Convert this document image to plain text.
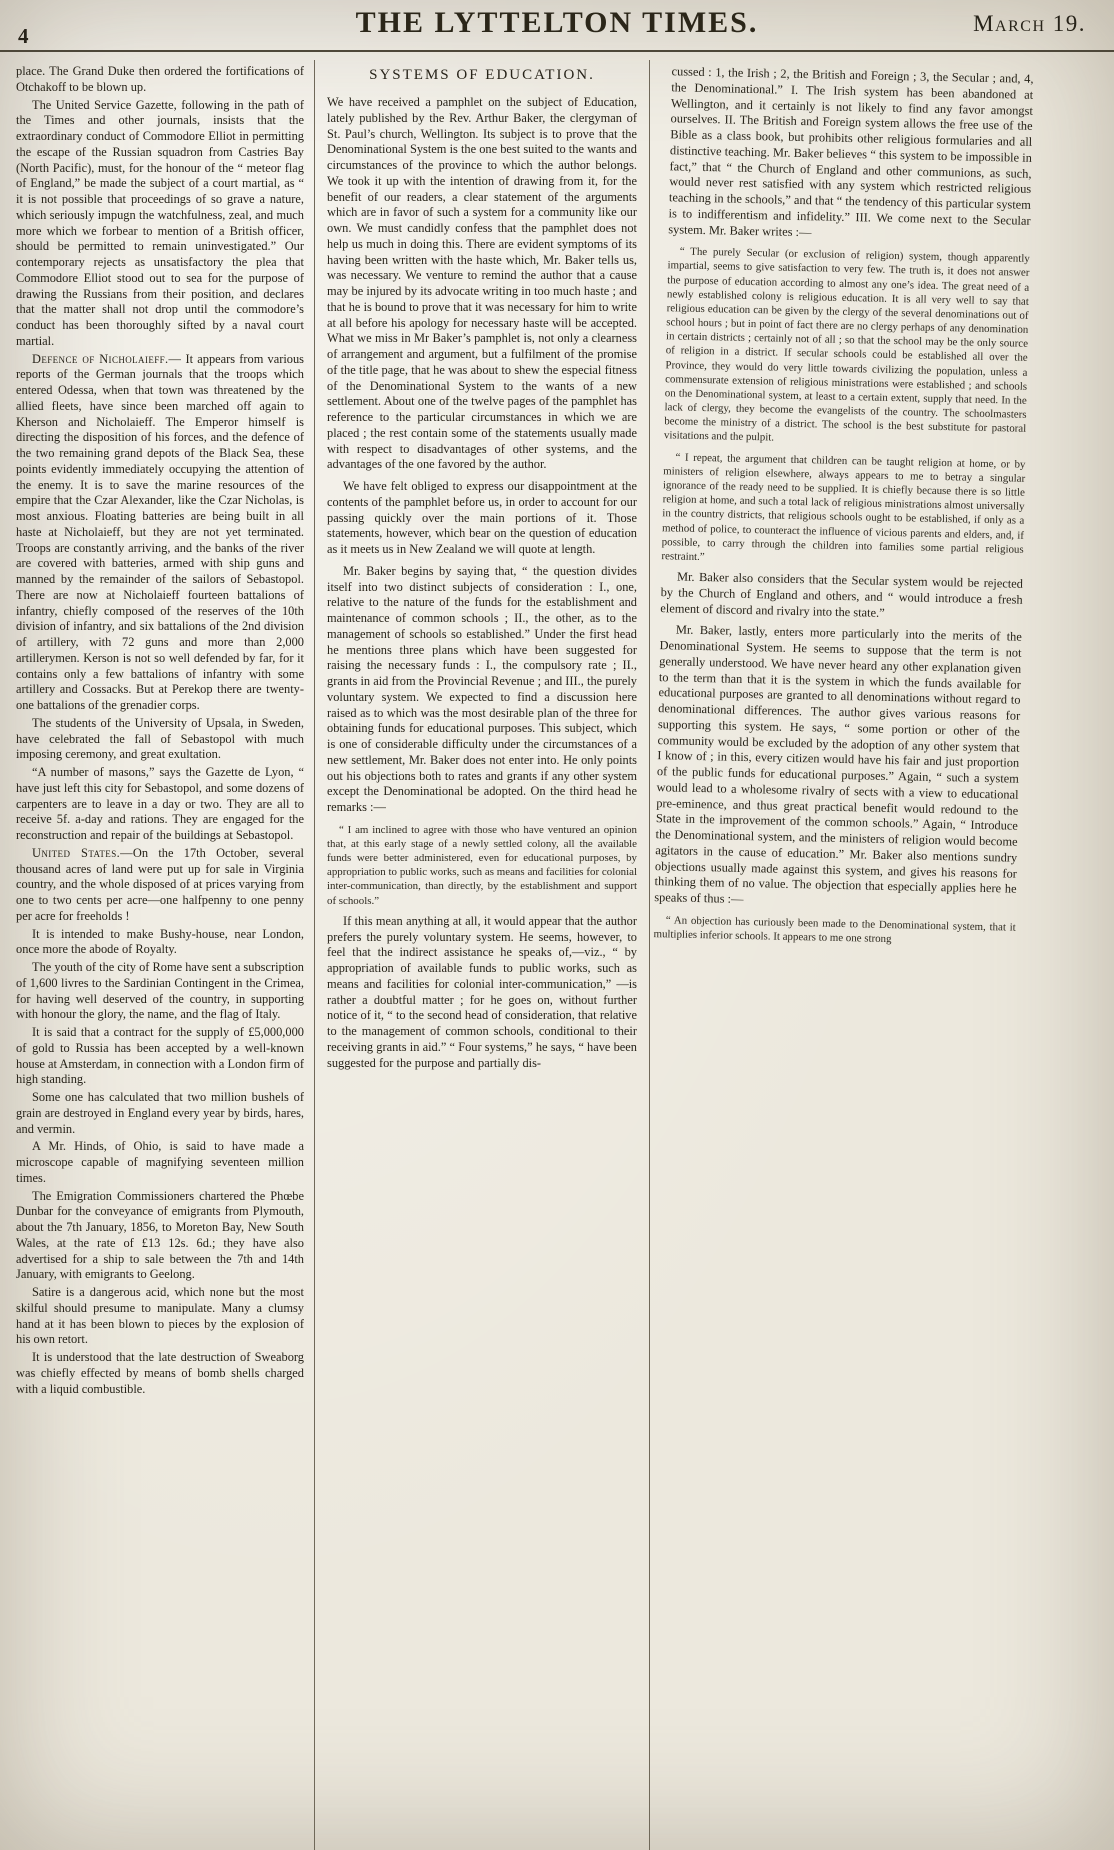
4	THE LYTTELTON TIMES.	March 19.

place. The Grand Duke then ordered the fortifications of Otchakoff to be blown up.

The United Service Gazette, following in the path of the Times and other journals, insists that the extraordinary conduct of Commodore Elliot in permitting the escape of the Russian squadron from Castries Bay (North Pacific), must, for the honour of the “ meteor flag of England,” be made the subject of a court martial, as “ it is not possible that proceedings of so grave a nature, which seriously impugn the watchfulness, zeal, and much more which we forbear to mention of a British officer, should be permitted to remain uninvestigated.” Our contemporary rejects as unsatisfactory the plea that Commodore Elliot stood out to sea for the purpose of drawing the Russians from their position, and declares that the matter shall not drop until the commodore’s conduct has been thoroughly sifted by a naval court martial.

Defence of Nicholaieff.— It appears from various reports of the German journals that the troops which entered Odessa, when that town was threatened by the allied fleets, have since been marched off again to Kherson and Nicholaieff. The Emperor himself is directing the disposition of his forces, and the defence of the two remaining grand depots of the Black Sea, these points evidently immediately occupying the attention of the enemy. It is to save the marine resources of the empire that the Czar Alexander, like the Czar Nicholas, is most anxious. Floating batteries are being built in all haste at Nicholaieff, but they are not yet terminated. Troops are constantly arriving, and the banks of the river are covered with batteries, armed with ship guns and manned by the remainder of the sailors of Sebastopol. There are now at Nicholaieff fourteen battalions of infantry, chiefly composed of the reserves of the 10th division of infantry, and six battalions of the 2nd division of artillery, with 72 guns and more than 2,000 artillerymen. Kerson is not so well defended by far, for it contains only a few battalions of infantry with some artillery and Cossacks. But at Perekop there are twenty-one battalions of the grenadier corps.

The students of the University of Upsala, in Sweden, have celebrated the fall of Sebastopol with much imposing ceremony, and great exultation.

“A number of masons,” says the Gazette de Lyon, “ have just left this city for Sebastopol, and some dozens of carpenters are to leave in a day or two. They are all to receive 5f. a-day and rations. They are engaged for the reconstruction and repair of the buildings at Sebastopol.

United States.—On the 17th October, several thousand acres of land were put up for sale in Virginia country, and the whole disposed of at prices varying from one to two cents per acre—one halfpenny to one penny per acre for freeholds !

It is intended to make Bushy-house, near London, once more the abode of Royalty.

The youth of the city of Rome have sent a subscription of 1,600 livres to the Sardinian Contingent in the Crimea, for having well deserved of the country, in supporting with honour the glory, the name, and the flag of Italy.

It is said that a contract for the supply of £5,000,000 of gold to Russia has been accepted by a well-known house at Amsterdam, in connection with a London firm of high standing.

Some one has calculated that two million bushels of grain are destroyed in England every year by birds, hares, and vermin.

A Mr. Hinds, of Ohio, is said to have made a microscope capable of magnifying seventeen million times.

The Emigration Commissioners chartered the Phœbe Dunbar for the conveyance of emigrants from Plymouth, about the 7th January, 1856, to Moreton Bay, New South Wales, at the rate of £13 12s. 6d.; they have also advertised for a ship to sale between the 7th and 14th January, with emigrants to Geelong.

Satire is a dangerous acid, which none but the most skilful should presume to manipulate. Many a clumsy hand at it has been blown to pieces by the explosion of his own retort.

It is understood that the late destruction of Sweaborg was chiefly effected by means of bomb shells charged with a liquid combustible.

SYSTEMS OF EDUCATION.

We have received a pamphlet on the subject of Education, lately published by the Rev. Arthur Baker, the clergyman of St. Paul’s church, Wellington. Its subject is to prove that the Denominational System is the one best suited to the wants and circumstances of the province to which the author belongs. We took it up with the intention of drawing from it, for the benefit of our readers, a clear statement of the arguments which are in favor of such a system for a community like our own. We must candidly confess that the pamphlet does not help us much in doing this. There are evident symptoms of its having been written with the haste which, Mr. Baker tells us, was necessary. We venture to remind the author that a cause may be injured by its advocate writing in too much haste ; and that he is bound to prove that it was necessary for him to write at all before his apology for necessary haste will be accepted. What we miss in Mr Baker’s pamphlet is, not only a clearness of arrangement and argument, but a fulfilment of the promise of the title page, that he was about to shew the especial fitness of the Denominational System to the wants of a new settlement. About one of the twelve pages of the pamphlet has reference to the particular circumstances in which we are placed ; the rest contain some of the statements usually made with respect to disadvantages of other systems, and the advantages of the one favored by the author.

We have felt obliged to express our disappointment at the contents of the pamphlet before us, in order to account for our passing quickly over the main portions of it. Those statements, however, which bear on the question of education as it meets us in New Zealand we will quote at length.

Mr. Baker begins by saying that, “ the question divides itself into two distinct subjects of consideration : I., one, relative to the nature of the funds for the establishment and maintenance of common schools ; II., the other, as to the management of schools so established.” Under the first head he mentions three plans which have been suggested for raising the necessary funds : I., the compulsory rate ; II., grants in aid from the Provincial Revenue ; and III., the purely voluntary system. We expected to find a discussion here raised as to which was the most desirable plan of the three for obtaining funds for educational purposes. This subject, which is one of considerable difficulty under the circumstances of a new settlement, Mr. Baker does not enter into. He only points out his objections both to rates and grants if any other system except the Denominational be adopted. On the third head he remarks :—

“ I am inclined to agree with those who have ventured an opinion that, at this early stage of a newly settled colony, all the available funds were better administered, even for educational purposes, by appropriation to public works, such as means and facilities for colonial inter-communication, than directly, by the establishment and support of schools.”

If this mean anything at all, it would appear that the author prefers the purely voluntary system. He seems, however, to feel that the indirect assistance he speaks of,—viz., “ by appropriation of available funds to public works, such as means and facilities for colonial inter-communication,” —is rather a doubtful matter ; for he goes on, without further notice of it, “ to the second head of consideration, that relative to the management of common schools, conditional to their receiving grants in aid.” “ Four systems,” he says, “ have been suggested for the purpose and partially dis-

cussed : 1, the Irish ; 2, the British and Foreign ; 3, the Secular ; and, 4, the Denominational.” I. The Irish system has been abandoned at Wellington, and it certainly is not likely to find any favor amongst ourselves. II. The British and Foreign system allows the free use of the Bible as a class book, but prohibits other religious formularies and all distinctive teaching. Mr. Baker believes “ this system to be impossible in fact,” that “ the Church of England and other communions, as such, would never rest satisfied with any system which restricted religious teaching in the schools,” and that “ the tendency of this particular system is to indifferentism and infidelity.” III. We come next to the Secular system. Mr. Baker writes :—

“ The purely Secular (or exclusion of religion) system, though apparently impartial, seems to give satisfaction to very few. The truth is, it does not answer the purpose of education according to almost any one’s idea. The great need of a newly established colony is religious education. It is all very well to say that religious education can be given by the clergy of the several denominations out of school hours ; but in point of fact there are no clergy perhaps of any denomination in certain districts ; certainly not of all ; so that the school may be the only source of religion in a district. If secular schools could be established all over the Province, they would do very little towards civilizing the population, unless a commensurate extension of religious ministrations were established ; and schools on the Denominational system, at least to a certain extent, supply that need. In the lack of clergy, they become the evangelists of the country. The schoolmasters become the ministry of a district. The school is the best substitute for pastoral visitations and the pulpit.

“ I repeat, the argument that children can be taught religion at home, or by ministers of religion elsewhere, always appears to me to betray a singular ignorance of the ready need to be supplied. It is chiefly because there is so little religion at home, and such a total lack of religious ministrations almost universally in the country districts, that religious schools ought to be established, if only as a method of police, to counteract the influence of vicious parents and elders, and, if possible, to carry through the children into families some partial religious restraint.”

Mr. Baker also considers that the Secular system would be rejected by the Church of England and others, and “ would introduce a fresh element of discord and rivalry into the state.”

Mr. Baker, lastly, enters more particularly into the merits of the Denominational System. He seems to suppose that the term is not generally understood. We have never heard any other explanation given to the term than that it is the system in which the funds available for educational purposes are granted to all denominations without regard to denominational differences. The author gives various reasons for supporting this system. He says, “ some portion or other of the community would be excluded by the adoption of any other system that I know of ; in this, every citizen would have his fair and just proportion of the public funds for educational purposes.” Again, “ such a system would lead to a wholesome rivalry of sects with a view to educational pre-eminence, and thus great practical benefit would redound to the State in the improvement of the common schools.” Again, “ Introduce the Denominational system, and the ministers of religion would become agitators in the cause of education.” Mr. Baker also mentions sundry objections usually made against this system, and gives his reasons for thinking them of no value. The objection that especially applies here he speaks of thus :—

“ An objection has curiously been made to the Denominational system, that it multiplies inferior schools. It appears to me one strong
